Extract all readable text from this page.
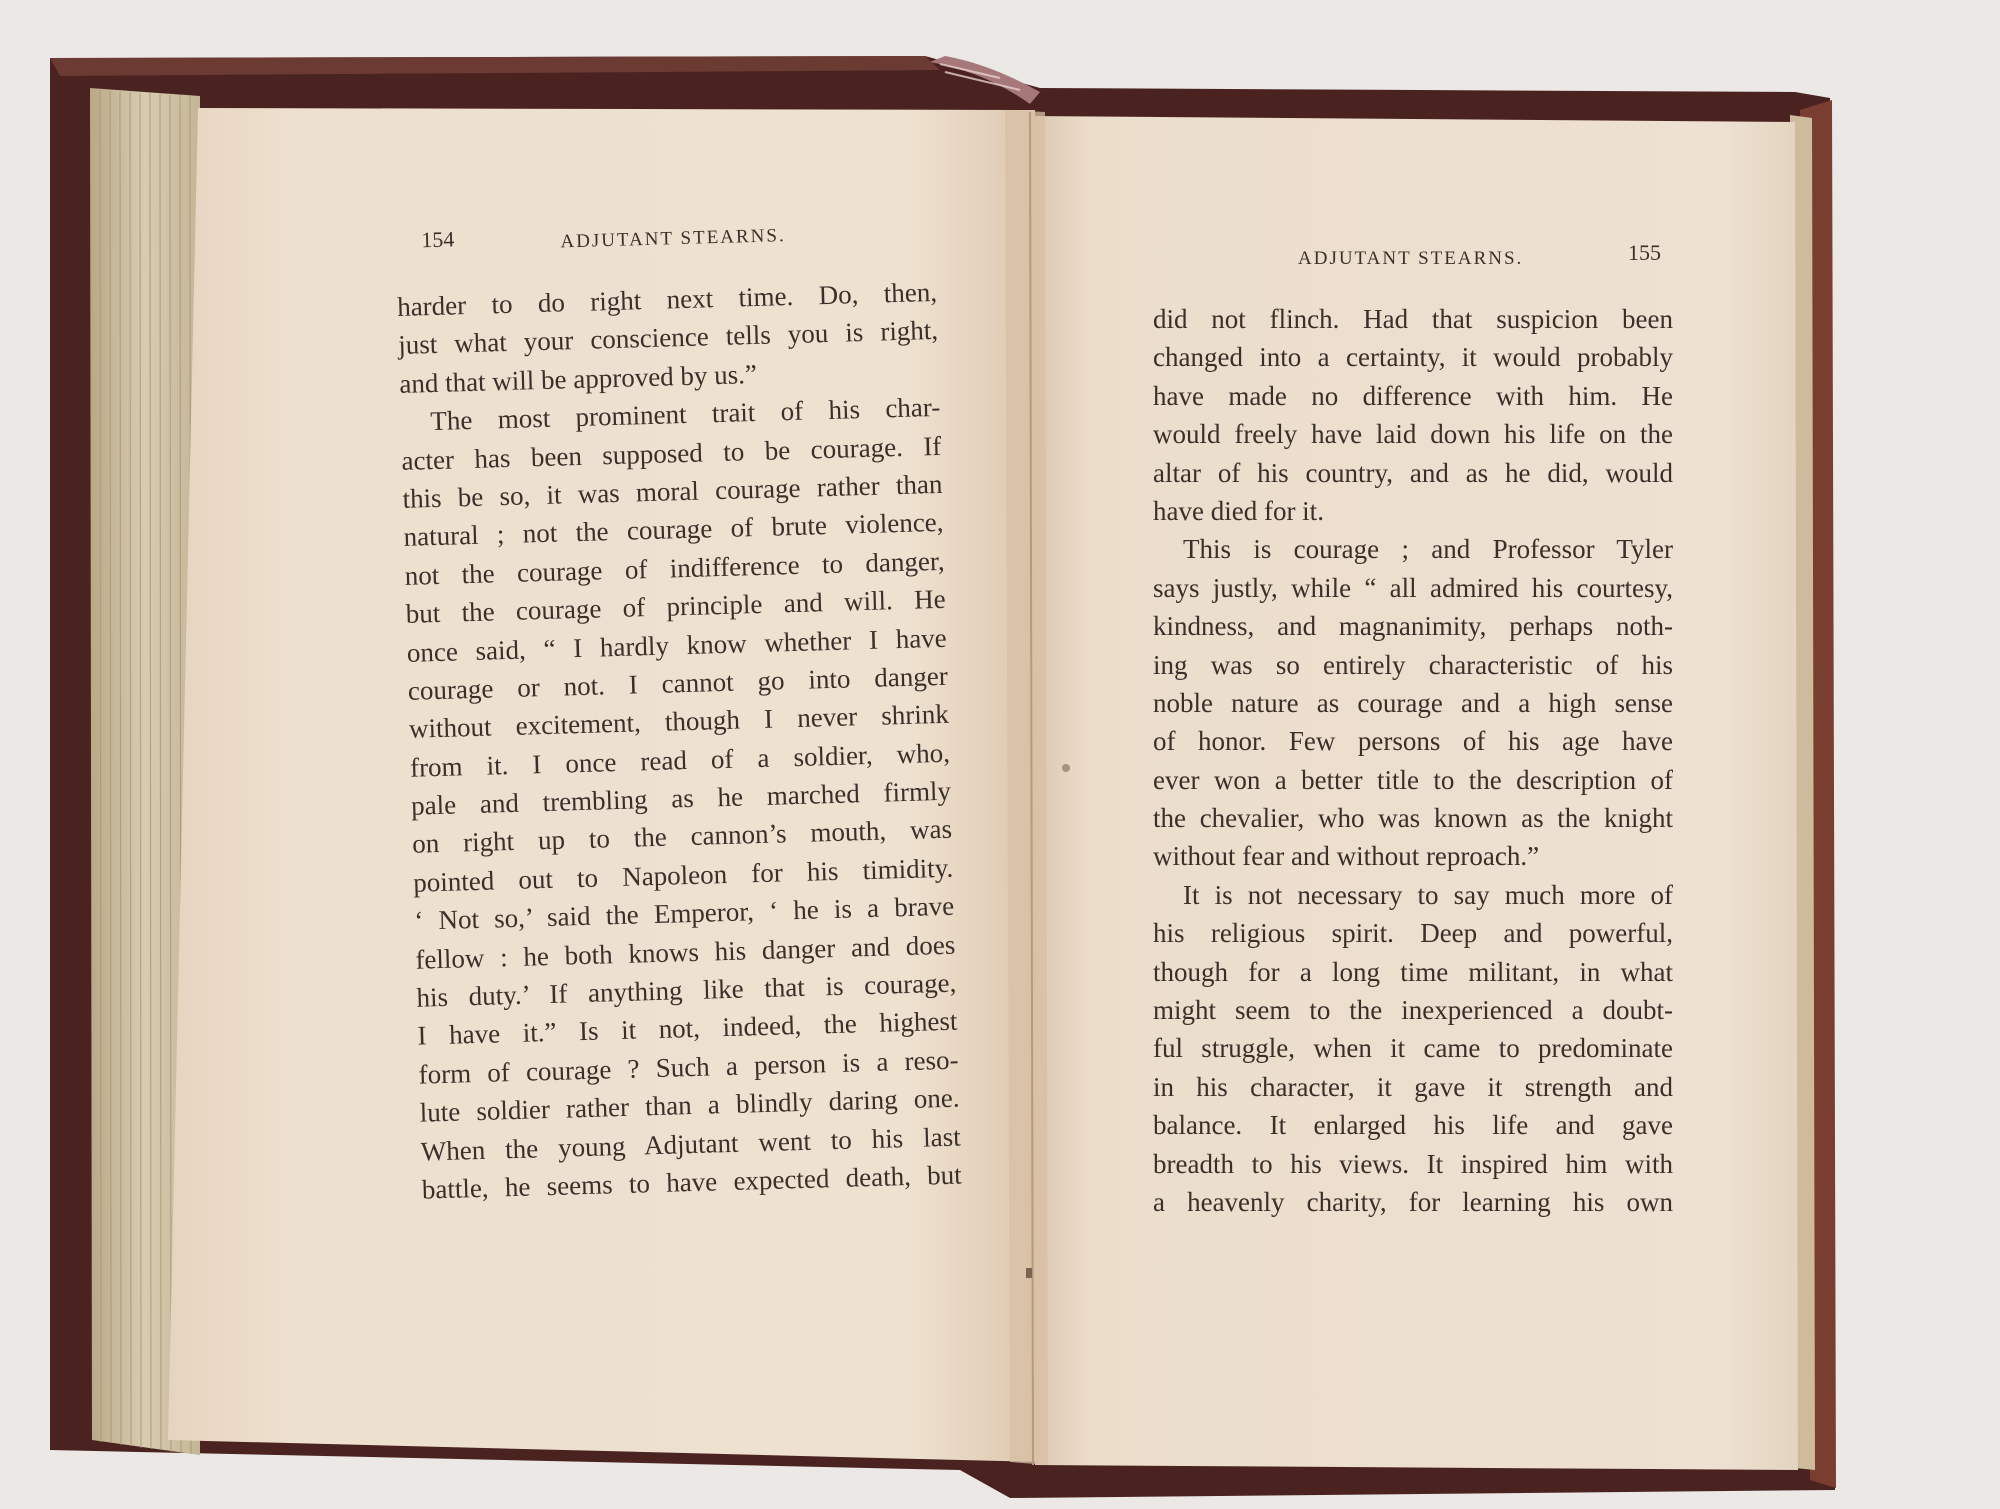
154	ADJUTANT STEARNS.
harder to do right next time. Do, then,
just what your conscience tells you is right,
and that will be approved by us.”
The most prominent trait of his char-
acter has been supposed to be courage. If
this be so, it was moral courage rather than
natural ; not the courage of brute violence,
not the courage of indifference to danger,
but the courage of principle and will. He
once said, “ I hardly know whether I have
courage or not. I cannot go into danger
without excitement, though I never shrink
from it. I once read of a soldier, who,
pale and trembling as he marched firmly
on right up to the cannon’s mouth, was
pointed out to Napoleon for his timidity.
‘ Not so,’ said the Emperor, ‘ he is a brave
fellow : he both knows his danger and does
his duty.’ If anything like that is courage,
I have it.” Is it not, indeed, the highest
form of courage ? Such a person is a reso-
lute soldier rather than a blindly daring one.
When the young Adjutant went to his last
battle, he seems to have expected death, but
ADJUTANT STEARNS.	155
did not flinch. Had that suspicion been
changed into a certainty, it would probably
have made no difference with him. He
would freely have laid down his life on the
altar of his country, and as he did, would
have died for it.
This is courage ; and Professor Tyler
says justly, while “ all admired his courtesy,
kindness, and magnanimity, perhaps noth-
ing was so entirely characteristic of his
noble nature as courage and a high sense
of honor. Few persons of his age have
ever won a better title to the description of
the chevalier, who was known as the knight
without fear and without reproach.”
It is not necessary to say much more of
his religious spirit. Deep and powerful,
though for a long time militant, in what
might seem to the inexperienced a doubt-
ful struggle, when it came to predominate
in his character, it gave it strength and
balance. It enlarged his life and gave
breadth to his views. It inspired him with
a heavenly charity, for learning his own
